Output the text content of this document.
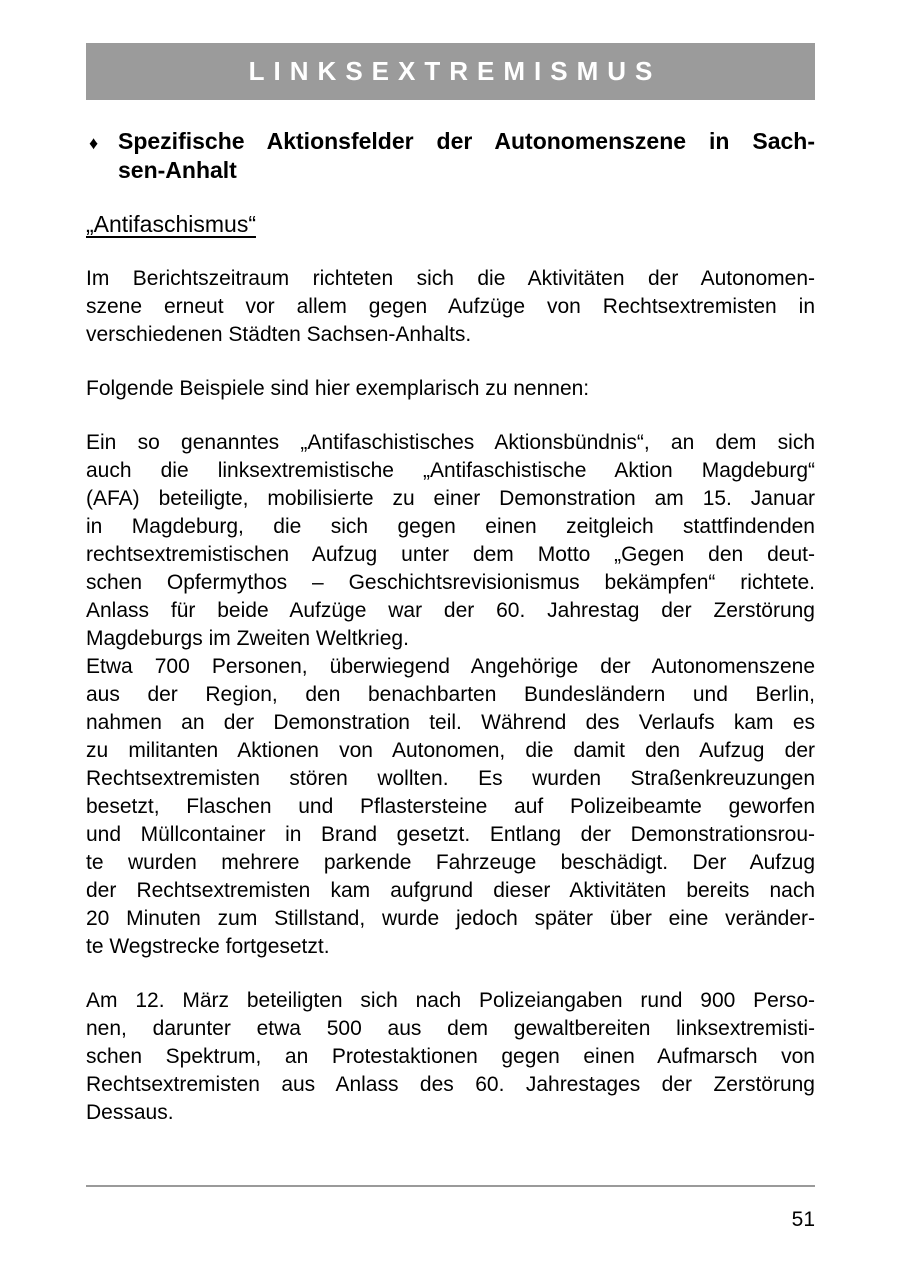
LINKSEXTREMISMUS
♦ Spezifische Aktionsfelder der Autonomenszene in Sach-
sen-Anhalt
„Antifaschismus“
Im Berichtszeitraum richteten sich die Aktivitäten der Autonomen-
szene erneut vor allem gegen Aufzüge von Rechtsextremisten in
verschiedenen Städten Sachsen-Anhalts.
Folgende Beispiele sind hier exemplarisch zu nennen:
Ein so genanntes „Antifaschistisches Aktionsbündnis“, an dem sich
auch die linksextremistische „Antifaschistische Aktion Magdeburg“
(AFA) beteiligte, mobilisierte zu einer Demonstration am 15. Januar
in Magdeburg, die sich gegen einen zeitgleich stattfindenden
rechtsextremistischen Aufzug unter dem Motto „Gegen den deut-
schen Opfermythos – Geschichtsrevisionismus bekämpfen“ richtete.
Anlass für beide Aufzüge war der 60. Jahrestag der Zerstörung
Magdeburgs im Zweiten Weltkrieg.
Etwa 700 Personen, überwiegend Angehörige der Autonomenszene
aus der Region, den benachbarten Bundesländern und Berlin,
nahmen an der Demonstration teil. Während des Verlaufs kam es
zu militanten Aktionen von Autonomen, die damit den Aufzug der
Rechtsextremisten stören wollten. Es wurden Straßenkreuzungen
besetzt, Flaschen und Pflastersteine auf Polizeibeamte geworfen
und Müllcontainer in Brand gesetzt. Entlang der Demonstrationsrou-
te wurden mehrere parkende Fahrzeuge beschädigt. Der Aufzug
der Rechtsextremisten kam aufgrund dieser Aktivitäten bereits nach
20 Minuten zum Stillstand, wurde jedoch später über eine veränder-
te Wegstrecke fortgesetzt.
Am 12. März beteiligten sich nach Polizeiangaben rund 900 Perso-
nen, darunter etwa 500 aus dem gewaltbereiten linksextremisti-
schen Spektrum, an Protestaktionen gegen einen Aufmarsch von
Rechtsextremisten aus Anlass des 60. Jahrestages der Zerstörung
Dessaus.
51
